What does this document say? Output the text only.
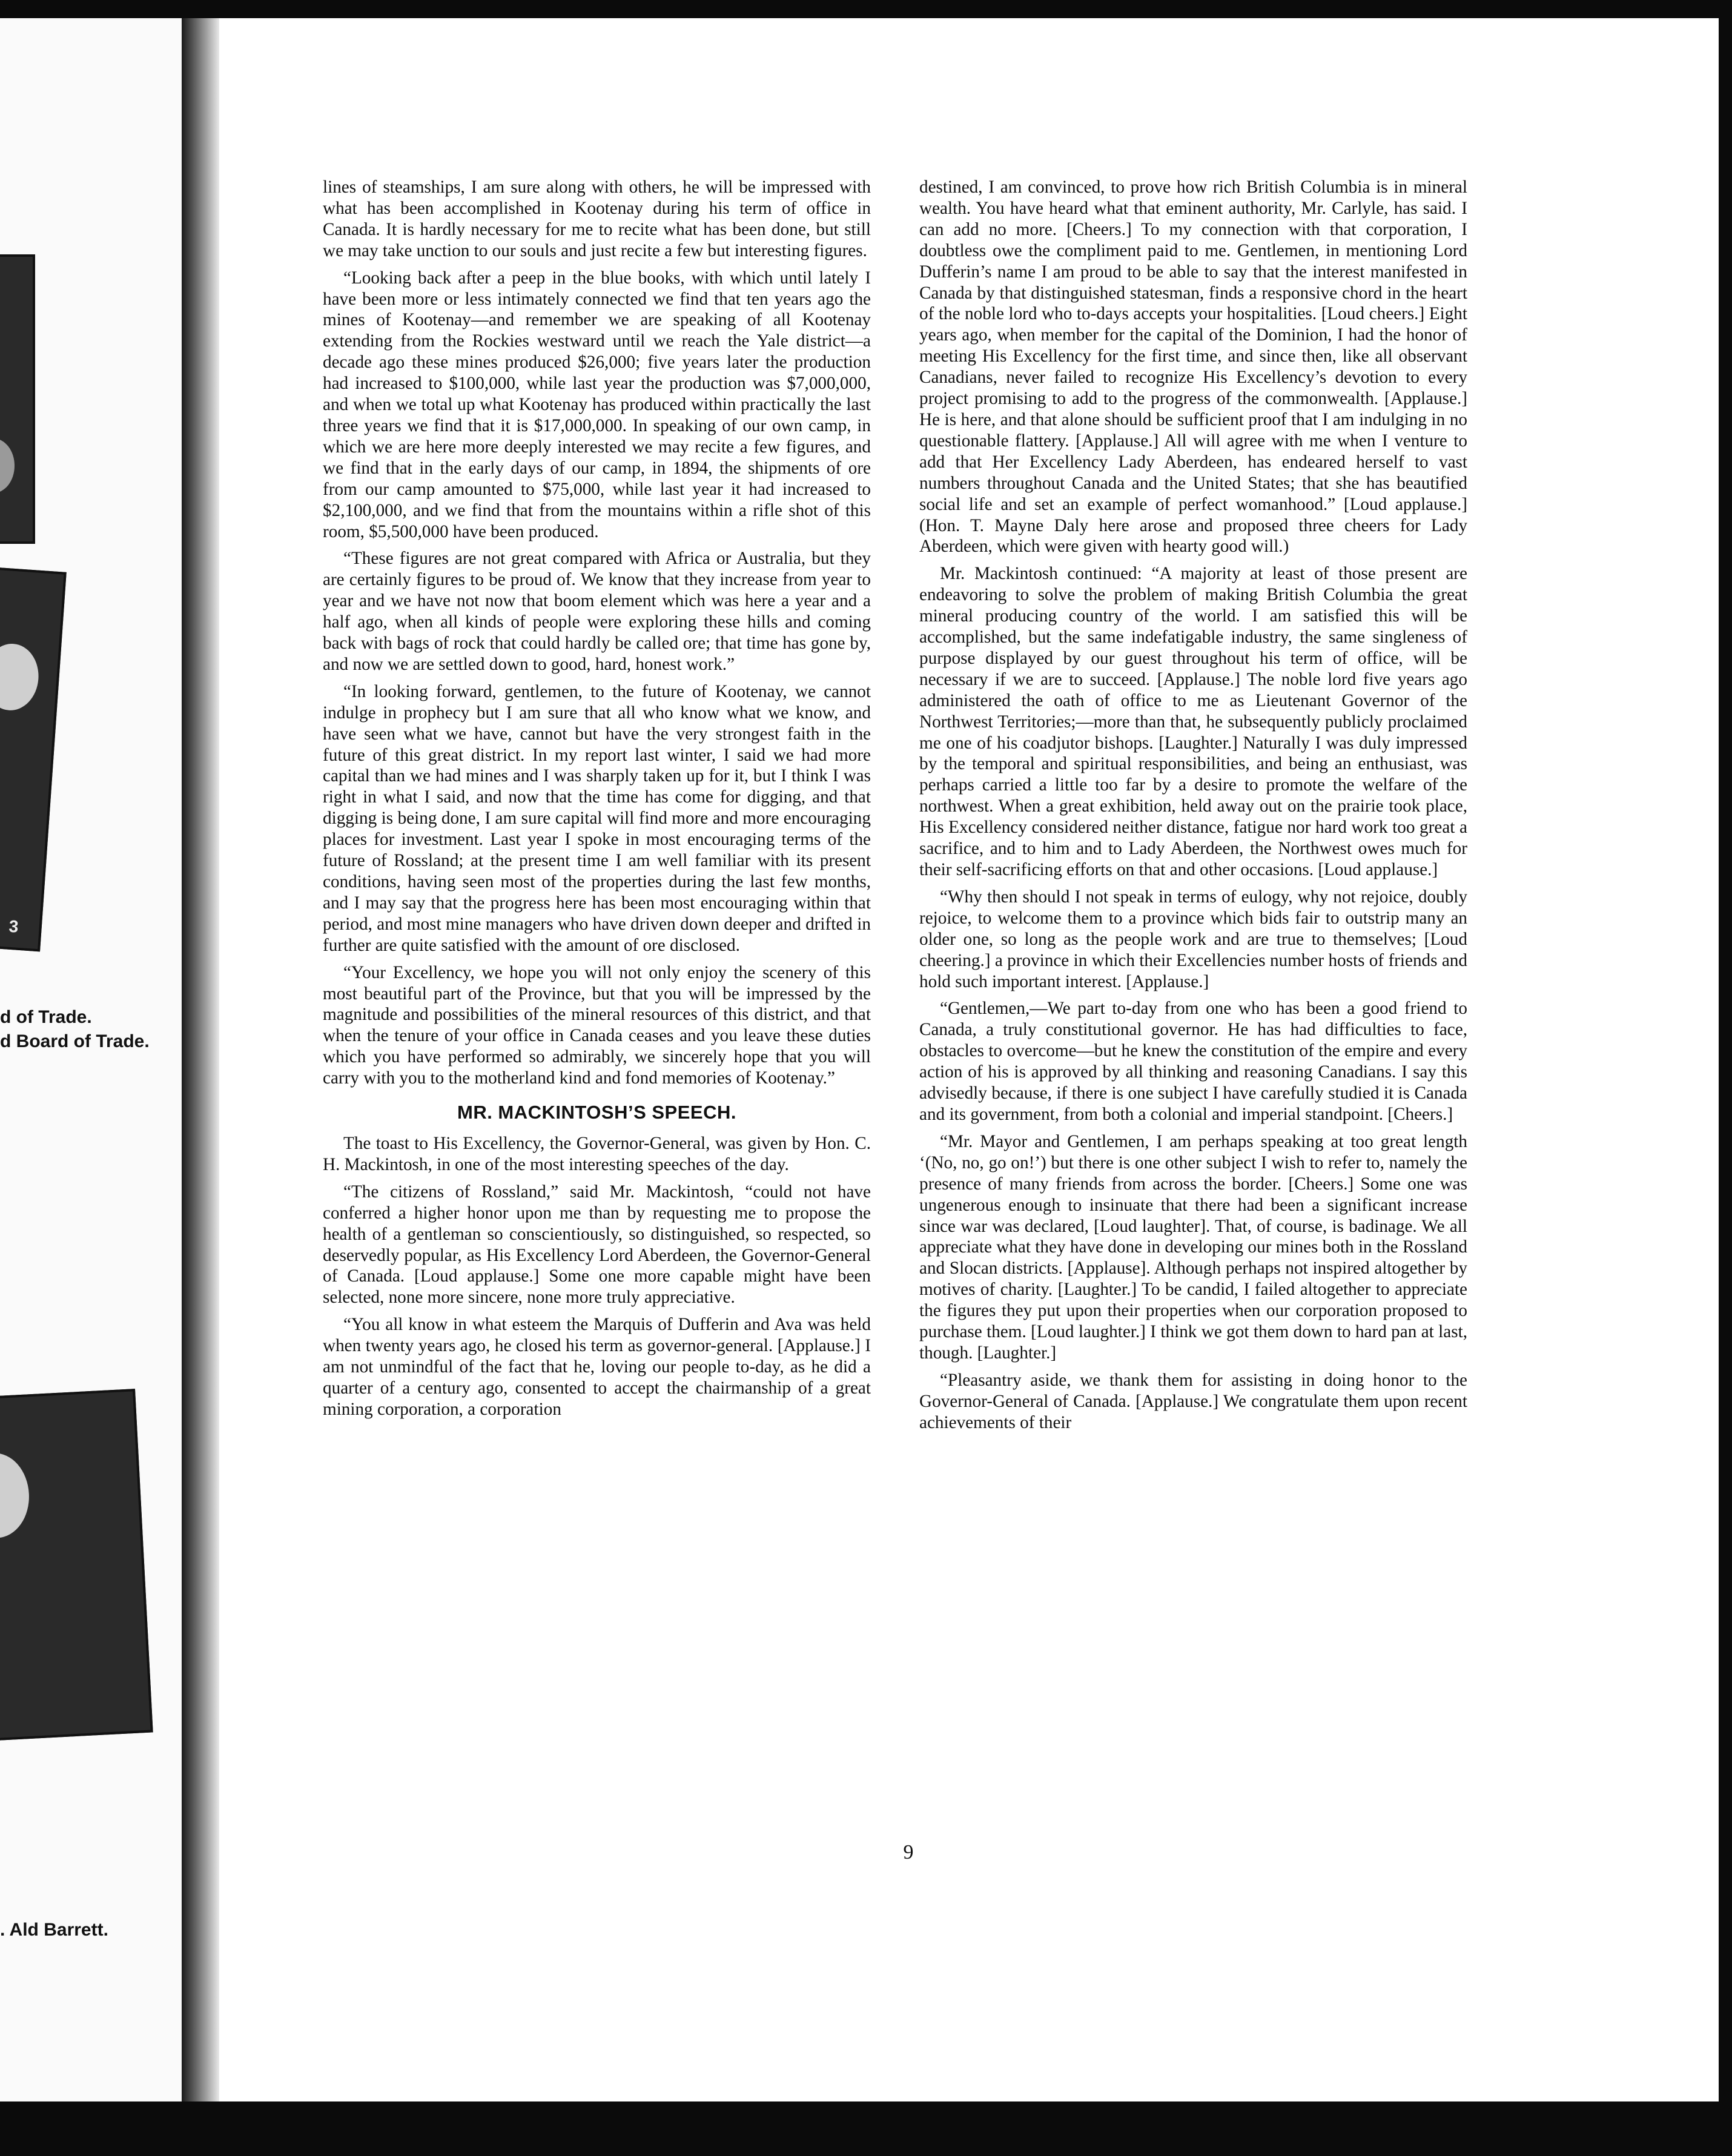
3
d of Trade.
d Board of Trade.
. Ald Barrett.

lines of steamships, I am sure along with others, he will be impressed with what has been accomplished in Kootenay during his term of office in Canada. It is hardly necessary for me to recite what has been done, but still we may take unction to our souls and just recite a few but interesting figures.

“Looking back after a peep in the blue books, with which until lately I have been more or less intimately connected we find that ten years ago the mines of Kootenay—and remember we are speaking of all Kootenay extending from the Rockies westward until we reach the Yale district—a decade ago these mines produced $26,000; five years later the production had increased to $100,000, while last year the production was $7,000,000, and when we total up what Kootenay has produced within practically the last three years we find that it is $17,000,000. In speaking of our own camp, in which we are here more deeply interested we may recite a few figures, and we find that in the early days of our camp, in 1894, the shipments of ore from our camp amounted to $75,000, while last year it had increased to $2,100,000, and we find that from the mountains within a rifle shot of this room, $5,500,000 have been produced.

“These figures are not great compared with Africa or Australia, but they are certainly figures to be proud of. We know that they increase from year to year and we have not now that boom element which was here a year and a half ago, when all kinds of people were exploring these hills and coming back with bags of rock that could hardly be called ore; that time has gone by, and now we are settled down to good, hard, honest work.”

“In looking forward, gentlemen, to the future of Kootenay, we cannot indulge in prophecy but I am sure that all who know what we know, and have seen what we have, cannot but have the very strongest faith in the future of this great district. In my report last winter, I said we had more capital than we had mines and I was sharply taken up for it, but I think I was right in what I said, and now that the time has come for digging, and that digging is being done, I am sure capital will find more and more encouraging places for investment. Last year I spoke in most encouraging terms of the future of Rossland; at the present time I am well familiar with its present conditions, having seen most of the properties during the last few months, and I may say that the progress here has been most encouraging within that period, and most mine managers who have driven down deeper and drifted in further are quite satisfied with the amount of ore disclosed.

“Your Excellency, we hope you will not only enjoy the scenery of this most beautiful part of the Province, but that you will be impressed by the magnitude and possibilities of the mineral resources of this district, and that when the tenure of your office in Canada ceases and you leave these duties which you have performed so admirably, we sincerely hope that you will carry with you to the motherland kind and fond memories of Kootenay.”

MR. MACKINTOSH’S SPEECH.

The toast to His Excellency, the Governor-General, was given by Hon. C. H. Mackintosh, in one of the most interesting speeches of the day.

“The citizens of Rossland,” said Mr. Mackintosh, “could not have conferred a higher honor upon me than by requesting me to propose the health of a gentleman so conscientiously, so distinguished, so respected, so deservedly popular, as His Excellency Lord Aberdeen, the Governor-General of Canada. [Loud applause.] Some one more capable might have been selected, none more sincere, none more truly appreciative.

“You all know in what esteem the Marquis of Dufferin and Ava was held when twenty years ago, he closed his term as governor-general. [Applause.] I am not unmindful of the fact that he, loving our people to-day, as he did a quarter of a century ago, consented to accept the chairmanship of a great mining corporation, a corporation

destined, I am convinced, to prove how rich British Columbia is in mineral wealth. You have heard what that eminent authority, Mr. Carlyle, has said. I can add no more. [Cheers.] To my connection with that corporation, I doubtless owe the compliment paid to me. Gentlemen, in mentioning Lord Dufferin’s name I am proud to be able to say that the interest manifested in Canada by that distinguished statesman, finds a responsive chord in the heart of the noble lord who to-days accepts your hospitalities. [Loud cheers.] Eight years ago, when member for the capital of the Dominion, I had the honor of meeting His Excellency for the first time, and since then, like all observant Canadians, never failed to recognize His Excellency’s devotion to every project promising to add to the progress of the commonwealth. [Applause.] He is here, and that alone should be sufficient proof that I am indulging in no questionable flattery. [Applause.] All will agree with me when I venture to add that Her Excellency Lady Aberdeen, has endeared herself to vast numbers throughout Canada and the United States; that she has beautified social life and set an example of perfect womanhood.” [Loud applause.] (Hon. T. Mayne Daly here arose and proposed three cheers for Lady Aberdeen, which were given with hearty good will.)

Mr. Mackintosh continued: “A majority at least of those present are endeavoring to solve the problem of making British Columbia the great mineral producing country of the world. I am satisfied this will be accomplished, but the same indefatigable industry, the same singleness of purpose displayed by our guest throughout his term of office, will be necessary if we are to succeed. [Applause.] The noble lord five years ago administered the oath of office to me as Lieutenant Governor of the Northwest Territories;—more than that, he subsequently publicly proclaimed me one of his coadjutor bishops. [Laughter.] Naturally I was duly impressed by the temporal and spiritual responsibilities, and being an enthusiast, was perhaps carried a little too far by a desire to promote the welfare of the northwest. When a great exhibition, held away out on the prairie took place, His Excellency considered neither distance, fatigue nor hard work too great a sacrifice, and to him and to Lady Aberdeen, the Northwest owes much for their self-sacrificing efforts on that and other occasions. [Loud applause.]

“Why then should I not speak in terms of eulogy, why not rejoice, doubly rejoice, to welcome them to a province which bids fair to outstrip many an older one, so long as the people work and are true to themselves; [Loud cheering.] a province in which their Excellencies number hosts of friends and hold such important interest. [Applause.]

“Gentlemen,—We part to-day from one who has been a good friend to Canada, a truly constitutional governor. He has had difficulties to face, obstacles to overcome—but he knew the constitution of the empire and every action of his is approved by all thinking and reasoning Canadians. I say this advisedly because, if there is one subject I have carefully studied it is Canada and its government, from both a colonial and imperial standpoint. [Cheers.]

“Mr. Mayor and Gentlemen, I am perhaps speaking at too great length ‘(No, no, go on!’) but there is one other subject I wish to refer to, namely the presence of many friends from across the border. [Cheers.] Some one was ungenerous enough to insinuate that there had been a significant increase since war was declared, [Loud laughter]. That, of course, is badinage. We all appreciate what they have done in developing our mines both in the Rossland and Slocan districts. [Applause]. Although perhaps not inspired altogether by motives of charity. [Laughter.] To be candid, I failed altogether to appreciate the figures they put upon their properties when our corporation proposed to purchase them. [Loud laughter.] I think we got them down to hard pan at last, though. [Laughter.]

“Pleasantry aside, we thank them for assisting in doing honor to the Governor-General of Canada. [Applause.] We congratulate them upon recent achievements of their

9
